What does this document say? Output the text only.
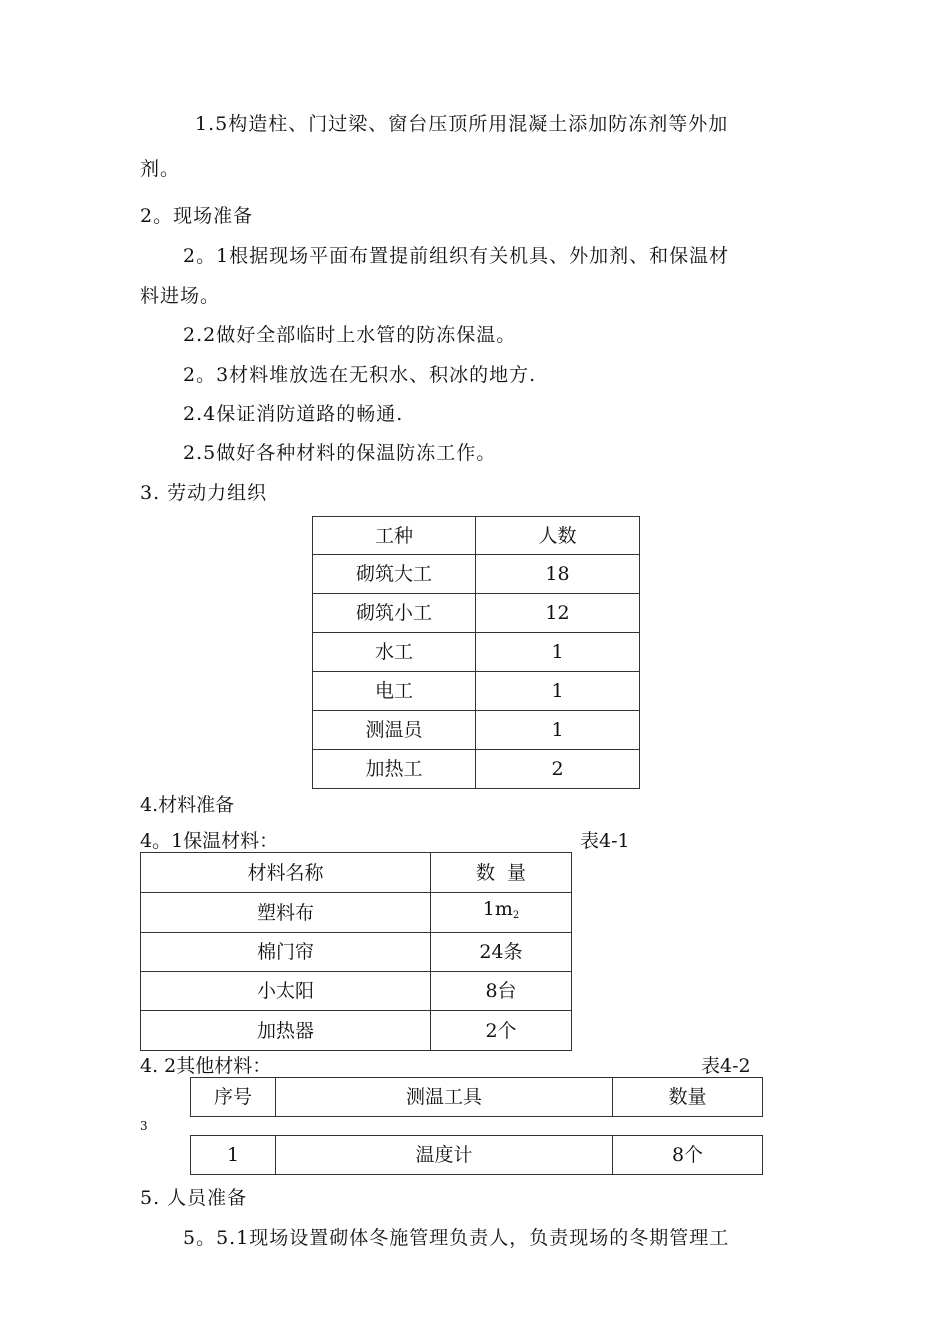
1.5构造柱、门过梁、窗台压顶所用混凝土添加防冻剂等外加
剂。
2。现场准备
2。1根据现场平面布置提前组织有关机具、外加剂、和保温材
料进场。
2.2做好全部临时上水管的防冻保温。
2。3材料堆放选在无积水、积冰的地方.
2.4保证消防道路的畅通.
2.5做好各种材料的保温防冻工作。
3. 劳动力组织
工种	人数
砌筑大工	18
砌筑小工	12
水工	1
电工	1
测温员	1
加热工	2
4.材料准备
4。1保温材料：	表4-1
材料名称	数  量
塑料布	$1m_2$
棉门帘	24条
小太阳	8台
加热器	2个
4. 2其他材料：	表4-2
序号	测温工具	数量
3
1	温度计	8个
5. 人员准备
5。5.1现场设置砌体冬施管理负责人，负责现场的冬期管理工
